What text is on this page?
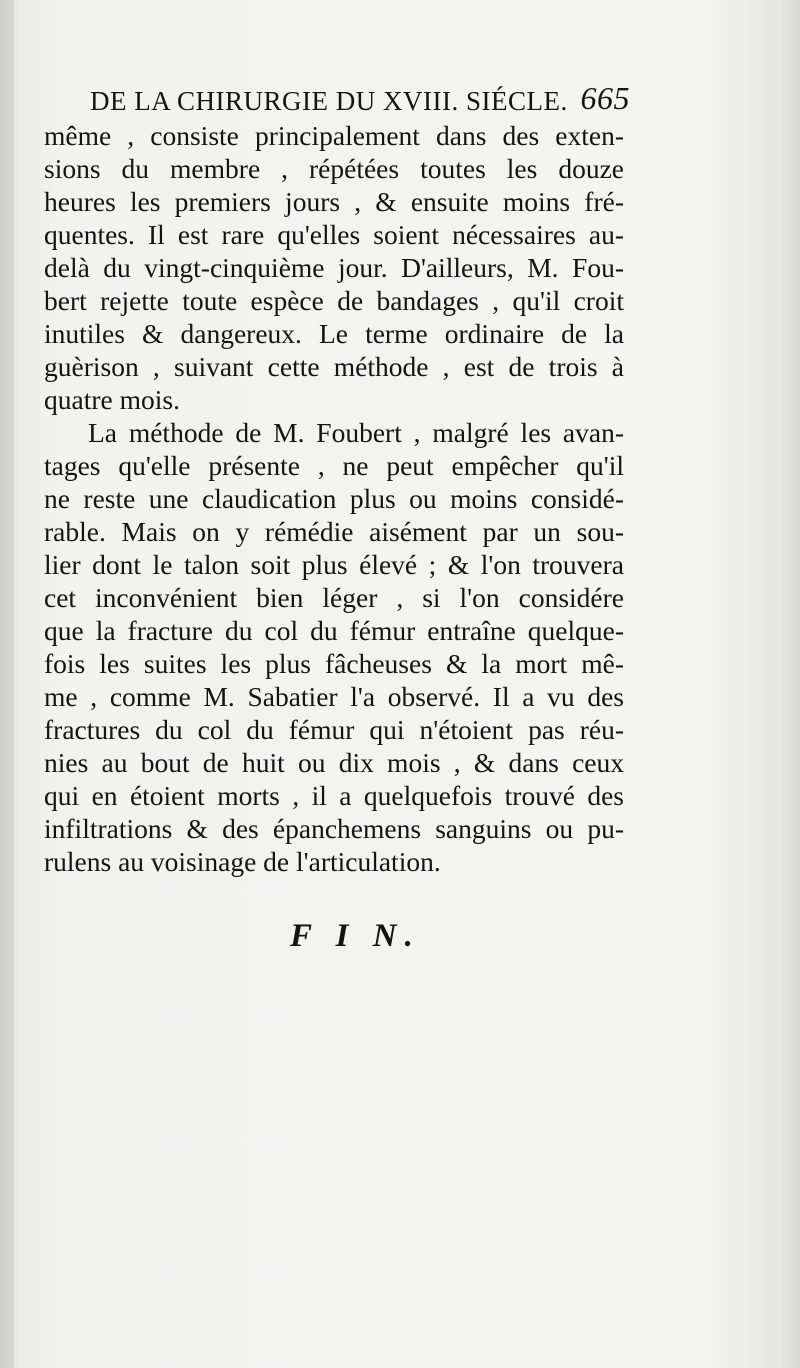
DE LA CHIRURGIE DU XVIII. SIÉCLE. 665
même , consiste principalement dans des exten-
sions du membre , répétées toutes les douze
heures les premiers jours , & ensuite moins fré-
quentes. Il est rare qu'elles soient nécessaires au-
delà du vingt-cinquième jour. D'ailleurs, M. Fou-
bert rejette toute espèce de bandages , qu'il croit
inutiles & dangereux. Le terme ordinaire de la
guèrison , suivant cette méthode , est de trois à
quatre mois.
La méthode de M. Foubert , malgré les avan-
tages qu'elle présente , ne peut empêcher qu'il
ne reste une claudication plus ou moins considé-
rable. Mais on y rémédie aisément par un sou-
lier dont le talon soit plus élevé ; & l'on trouvera
cet inconvénient bien léger , si l'on considére
que la fracture du col du fémur entraîne quelque-
fois les suites les plus fâcheuses & la mort mê-
me , comme M. Sabatier l'a observé. Il a vu des
fractures du col du fémur qui n'étoient pas réu-
nies au bout de huit ou dix mois , & dans ceux
qui en étoient morts , il a quelquefois trouvé des
infiltrations & des épanchemens sanguins ou pu-
rulens au voisinage de l'articulation.
F I N.
